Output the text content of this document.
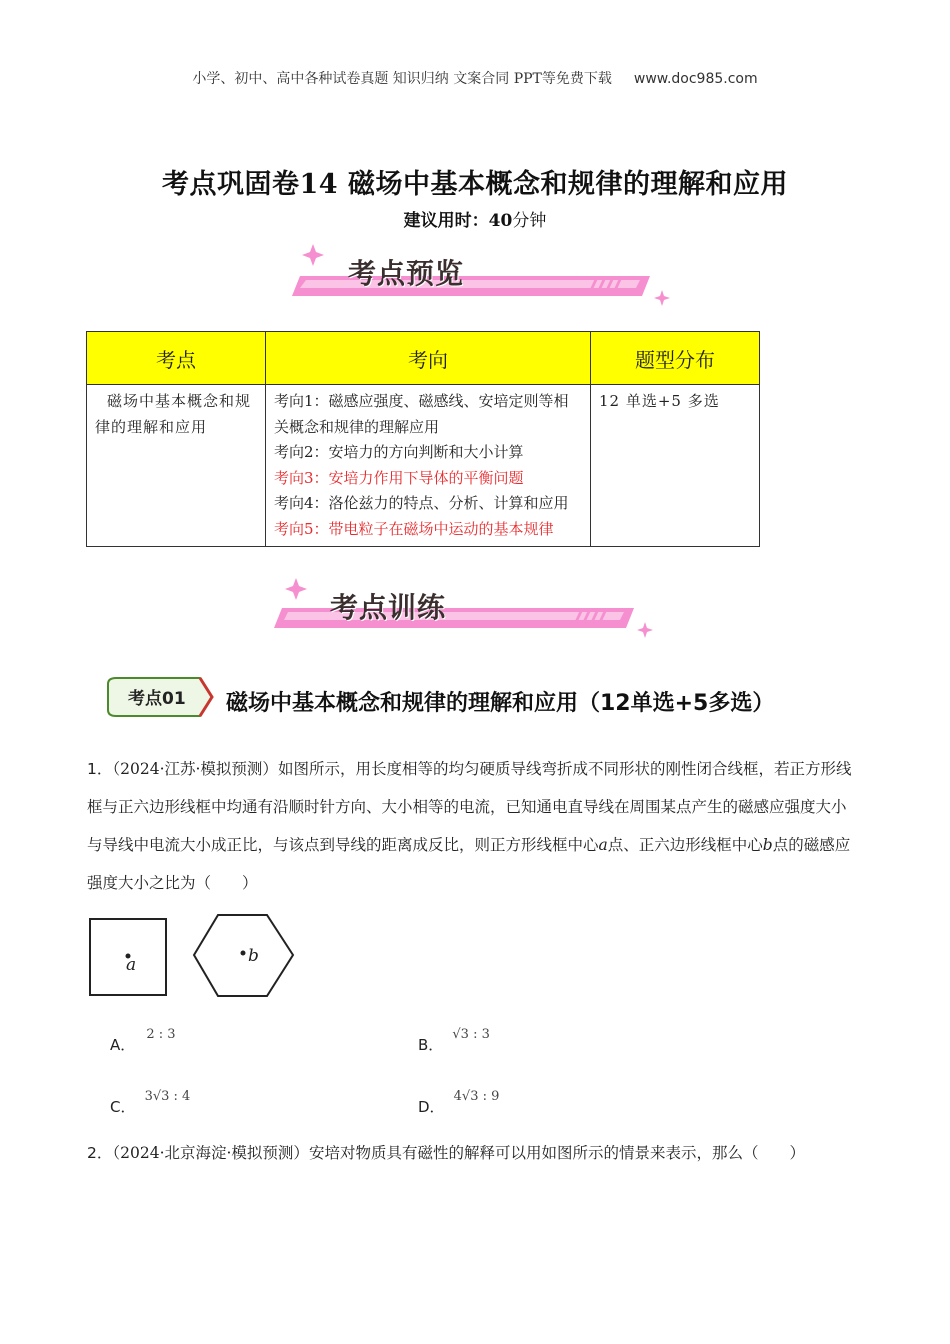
小学、初中、高中各种试卷真题 知识归纳 文案合同 PPT等免费下载 www.doc985.com
考点巩固卷14 磁场中基本概念和规律的理解和应用
建议用时：40分钟
考点预览
考点	考向	题型分布
磁场中基本概念和规律的理解和应用	考向1：磁感应强度、磁感线、安培定则等相关概念和规律的理解应用
考向2：安培力的方向判断和大小计算
考向3：安培力作用下导体的平衡问题
考向4：洛伦兹力的特点、分析、计算和应用
考向5：带电粒子在磁场中运动的基本规律	12 单选+5 多选
考点训练
考点01 磁场中基本概念和规律的理解和应用（12单选+5多选）
1．（2024·江苏·模拟预测）如图所示，用长度相等的均匀硬质导线弯折成不同形状的刚性闭合线框，若正方形线框与正六边形线框中均通有沿顺时针方向、大小相等的电流，已知通电直导线在周围某点产生的磁感应强度大小与导线中电流大小成正比，与该点到导线的距离成反比，则正方形线框中心a点、正六边形线框中心b点的磁感应强度大小之比为（　　）
a	b
A． $^{2 : 3}$
B． $^{√3 : 3}$
C． $^{3√3 : 4}$
D． $^{4√3 : 9}$
2．（2024·北京海淀·模拟预测）安培对物质具有磁性的解释可以用如图所示的情景来表示，那么（　　）
